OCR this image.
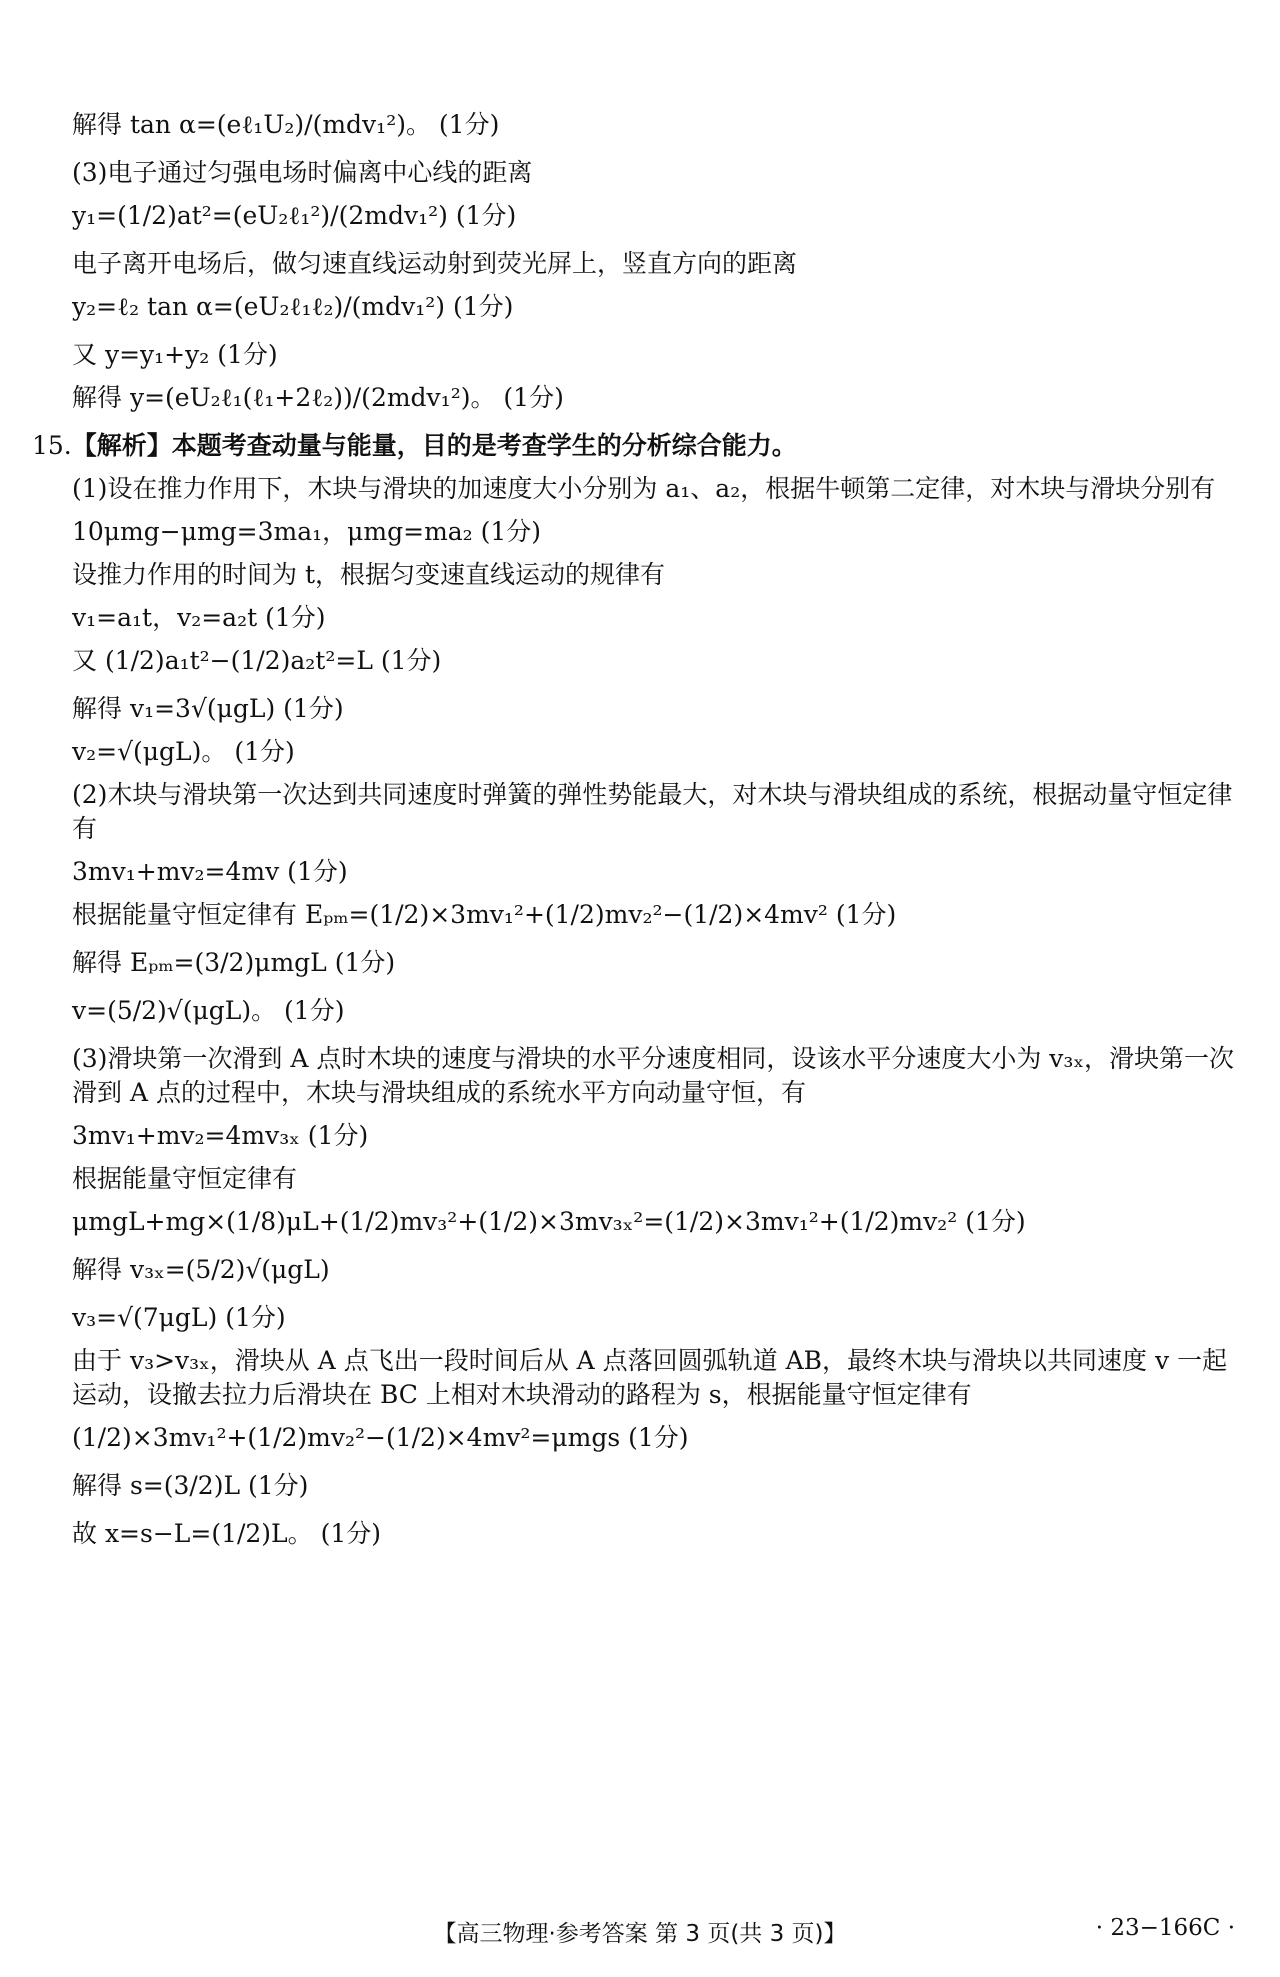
解得 tan α=(eℓ₁U₂)/(mdv₁²)。 (1分)
(3)电子通过匀强电场时偏离中心线的距离
y₁=(1/2)at²=(eU₂ℓ₁²)/(2mdv₁²) (1分)
电子离开电场后，做匀速直线运动射到荧光屏上，竖直方向的距离
y₂=ℓ₂ tan α=(eU₂ℓ₁ℓ₂)/(mdv₁²) (1分)
又 y=y₁+y₂ (1分)
解得 y=(eU₂ℓ₁(ℓ₁+2ℓ₂))/(2mdv₁²)。 (1分)
15.【解析】本题考查动量与能量，目的是考查学生的分析综合能力。
(1)设在推力作用下，木块与滑块的加速度大小分别为 a₁、a₂，根据牛顿第二定律，对木块与滑块分别有
10μmg−μmg=3ma₁，μmg=ma₂ (1分)
设推力作用的时间为 t，根据匀变速直线运动的规律有
v₁=a₁t，v₂=a₂t (1分)
又 (1/2)a₁t²−(1/2)a₂t²=L (1分)
解得 v₁=3√(μgL) (1分)
v₂=√(μgL)。 (1分)
(2)木块与滑块第一次达到共同速度时弹簧的弹性势能最大，对木块与滑块组成的系统，根据动量守恒定律有
3mv₁+mv₂=4mv (1分)
根据能量守恒定律有 Eₚₘ=(1/2)×3mv₁²+(1/2)mv₂²−(1/2)×4mv² (1分)
解得 Eₚₘ=(3/2)μmgL (1分)
v=(5/2)√(μgL)。 (1分)
(3)滑块第一次滑到 A 点时木块的速度与滑块的水平分速度相同，设该水平分速度大小为 v₃ₓ，滑块第一次滑到 A 点的过程中，木块与滑块组成的系统水平方向动量守恒，有
3mv₁+mv₂=4mv₃ₓ (1分)
根据能量守恒定律有
μmgL+mg×(1/8)μL+(1/2)mv₃²+(1/2)×3mv₃ₓ²=(1/2)×3mv₁²+(1/2)mv₂² (1分)
解得 v₃ₓ=(5/2)√(μgL)
v₃=√(7μgL) (1分)
由于 v₃>v₃ₓ，滑块从 A 点飞出一段时间后从 A 点落回圆弧轨道 AB，最终木块与滑块以共同速度 v 一起运动，设撤去拉力后滑块在 BC 上相对木块滑动的路程为 s，根据能量守恒定律有
(1/2)×3mv₁²+(1/2)mv₂²−(1/2)×4mv²=μmgs (1分)
解得 s=(3/2)L (1分)
故 x=s−L=(1/2)L。 (1分)
【高三物理·参考答案 第 3 页(共 3 页)】	· 23−166C ·
